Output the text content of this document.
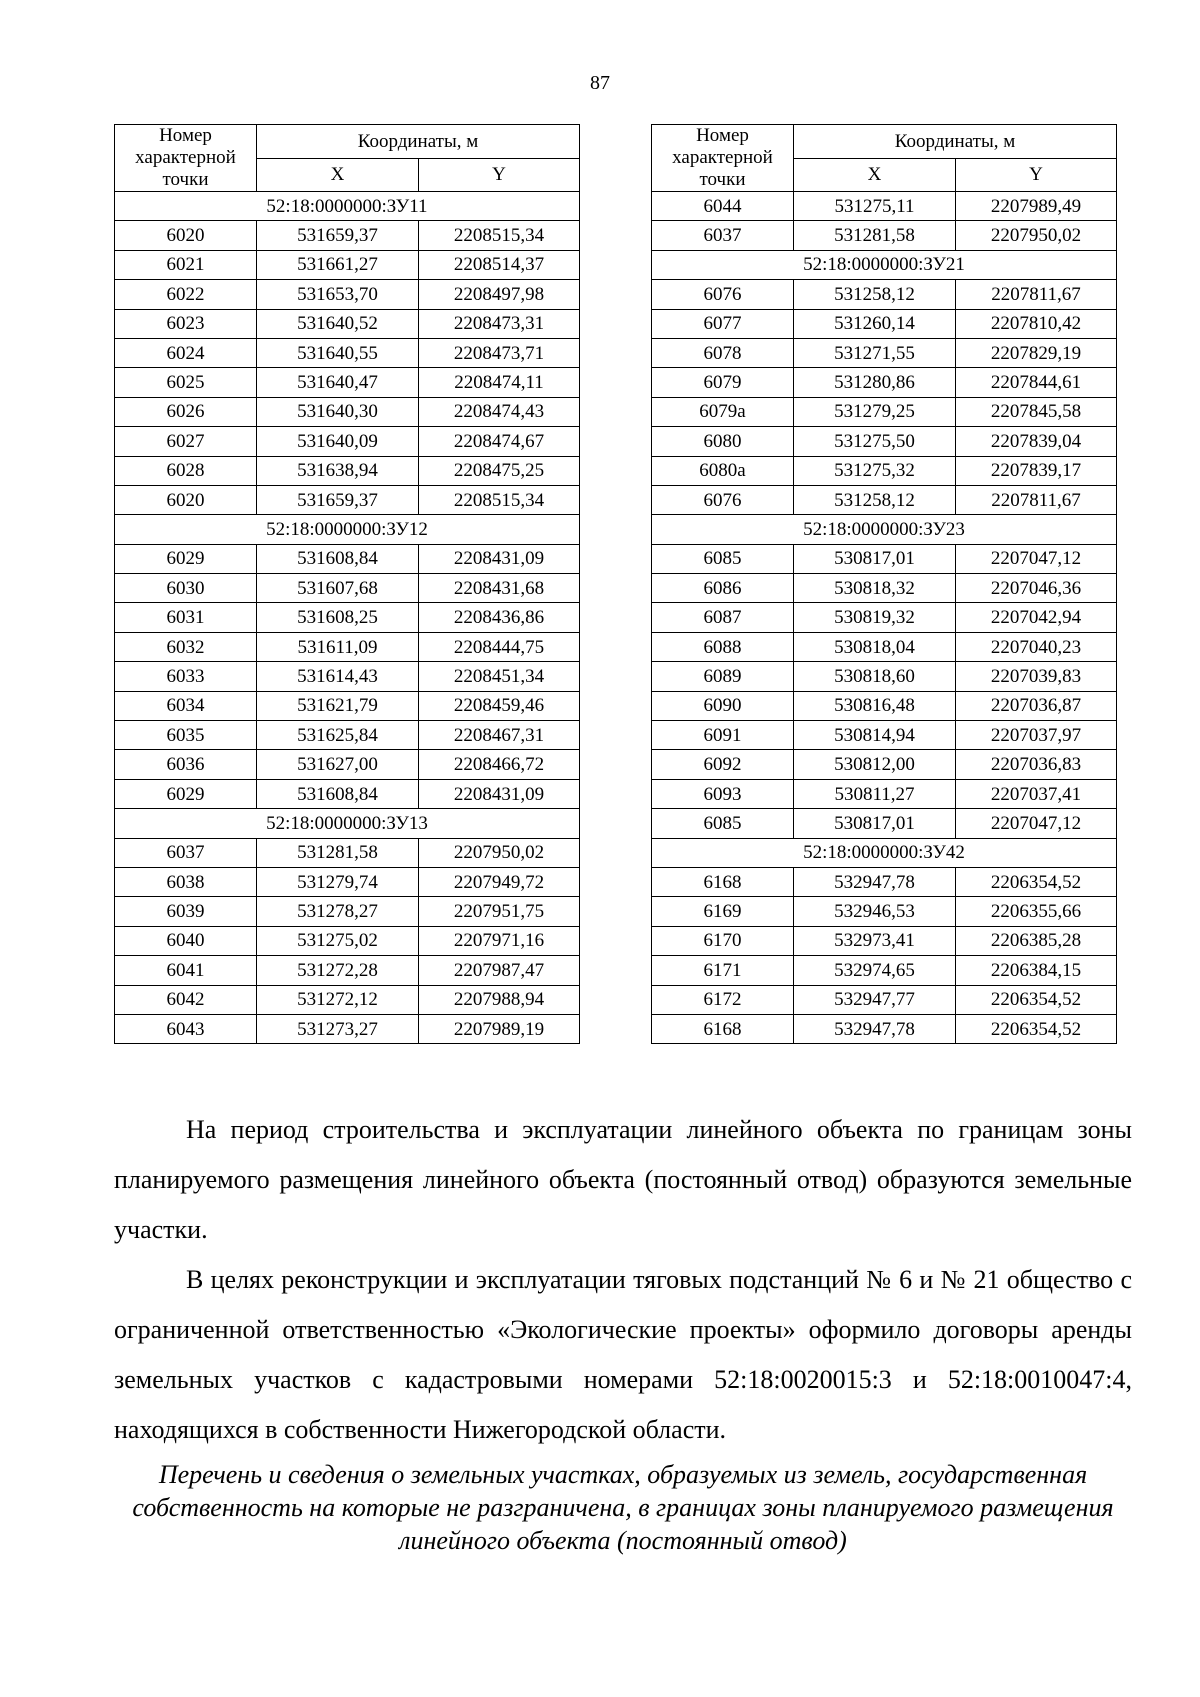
87
Номер характерной точки	Координаты, м	
	X	Y
52:18:0000000:ЗУ11		
6020	531659,37	2208515,34
6021	531661,27	2208514,37
6022	531653,70	2208497,98
6023	531640,52	2208473,31
6024	531640,55	2208473,71
6025	531640,47	2208474,11
6026	531640,30	2208474,43
6027	531640,09	2208474,67
6028	531638,94	2208475,25
6020	531659,37	2208515,34
52:18:0000000:ЗУ12		
6029	531608,84	2208431,09
6030	531607,68	2208431,68
6031	531608,25	2208436,86
6032	531611,09	2208444,75
6033	531614,43	2208451,34
6034	531621,79	2208459,46
6035	531625,84	2208467,31
6036	531627,00	2208466,72
6029	531608,84	2208431,09
52:18:0000000:ЗУ13		
6037	531281,58	2207950,02
6038	531279,74	2207949,72
6039	531278,27	2207951,75
6040	531275,02	2207971,16
6041	531272,28	2207987,47
6042	531272,12	2207988,94
6043	531273,27	2207989,19
Номер характерной точки	Координаты, м	
	X	Y
6044	531275,11	2207989,49
6037	531281,58	2207950,02
52:18:0000000:ЗУ21		
6076	531258,12	2207811,67
6077	531260,14	2207810,42
6078	531271,55	2207829,19
6079	531280,86	2207844,61
6079а	531279,25	2207845,58
6080	531275,50	2207839,04
6080а	531275,32	2207839,17
6076	531258,12	2207811,67
52:18:0000000:ЗУ23		
6085	530817,01	2207047,12
6086	530818,32	2207046,36
6087	530819,32	2207042,94
6088	530818,04	2207040,23
6089	530818,60	2207039,83
6090	530816,48	2207036,87
6091	530814,94	2207037,97
6092	530812,00	2207036,83
6093	530811,27	2207037,41
6085	530817,01	2207047,12
52:18:0000000:ЗУ42		
6168	532947,78	2206354,52
6169	532946,53	2206355,66
6170	532973,41	2206385,28
6171	532974,65	2206384,15
6172	532947,77	2206354,52
6168	532947,78	2206354,52

На период строительства и эксплуатации линейного объекта по границам зоны планируемого размещения линейного объекта (постоянный отвод) образуются земельные участки.

В целях реконструкции и эксплуатации тяговых подстанций № 6 и № 21 общество с ограниченной ответственностью «Экологические проекты» оформило договоры аренды земельных участков с кадастровыми номерами 52:18:0020015:3 и 52:18:0010047:4, находящихся в собственности Нижегородской области.

Перечень и сведения о земельных участках, образуемых из земель, государственная собственность на которые не разграничена, в границах зоны планируемого размещения линейного объекта (постоянный отвод)
